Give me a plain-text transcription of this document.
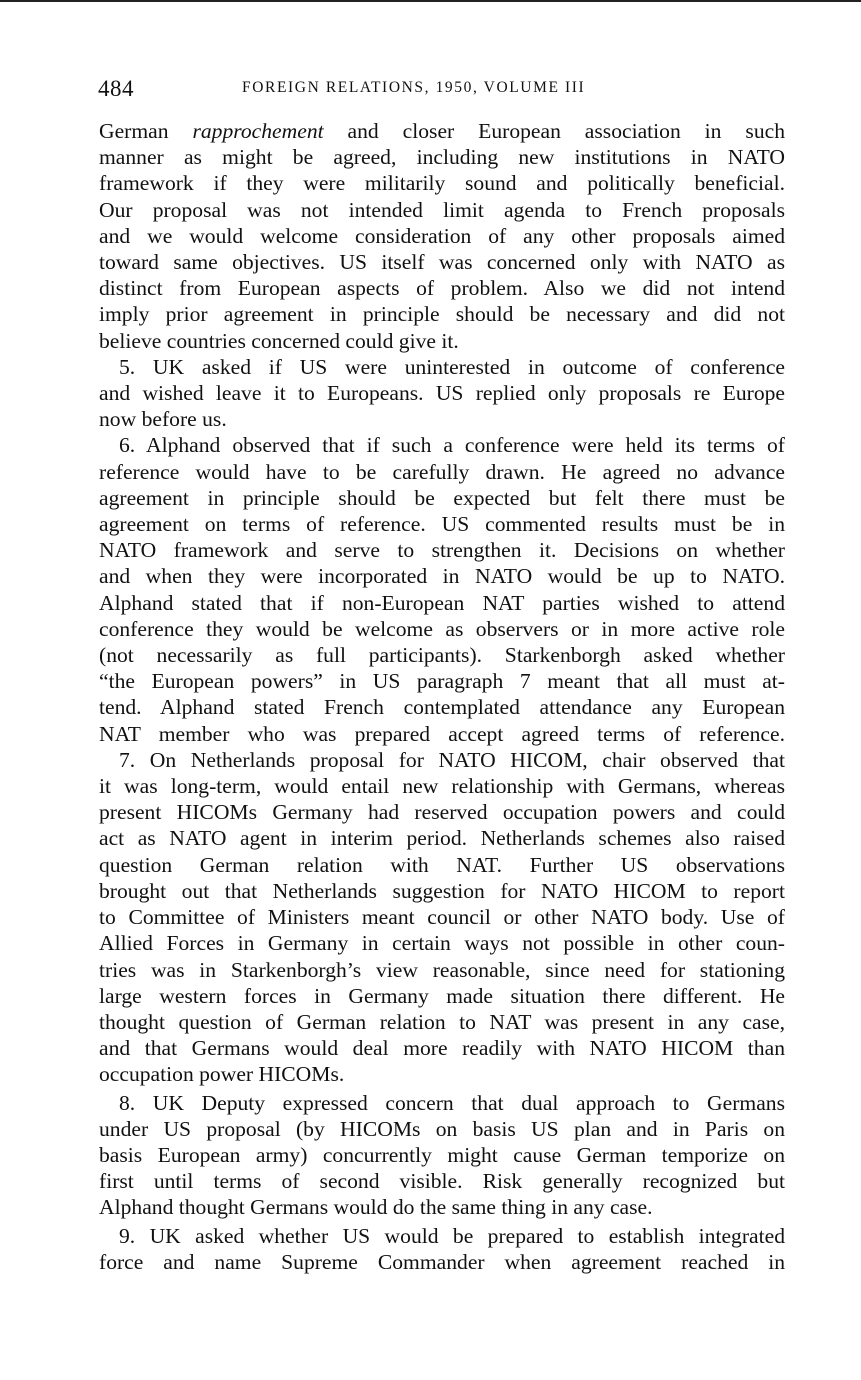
484	FOREIGN RELATIONS, 1950, VOLUME III
German rapprochement and closer European association in such
manner as might be agreed, including new institutions in NATO
framework if they were militarily sound and politically beneficial.
Our proposal was not intended limit agenda to French proposals
and we would welcome consideration of any other proposals aimed
toward same objectives. US itself was concerned only with NATO as
distinct from European aspects of problem. Also we did not intend
imply prior agreement in principle should be necessary and did not
believe countries concerned could give it.
5. UK asked if US were uninterested in outcome of conference
and wished leave it to Europeans. US replied only proposals re Europe
now before us.
6. Alphand observed that if such a conference were held its terms of
reference would have to be carefully drawn. He agreed no advance
agreement in principle should be expected but felt there must be
agreement on terms of reference. US commented results must be in
NATO framework and serve to strengthen it. Decisions on whether
and when they were incorporated in NATO would be up to NATO.
Alphand stated that if non-European NAT parties wished to attend
conference they would be welcome as observers or in more active role
(not necessarily as full participants). Starkenborgh asked whether
“the European powers” in US paragraph 7 meant that all must at-
tend. Alphand stated French contemplated attendance any European
NAT member who was prepared accept agreed terms of reference.
7. On Netherlands proposal for NATO HICOM, chair observed that
it was long-term, would entail new relationship with Germans, whereas
present HICOMs Germany had reserved occupation powers and could
act as NATO agent in interim period. Netherlands schemes also raised
question German relation with NAT. Further US observations
brought out that Netherlands suggestion for NATO HICOM to report
to Committee of Ministers meant council or other NATO body. Use of
Allied Forces in Germany in certain ways not possible in other coun-
tries was in Starkenborgh’s view reasonable, since need for stationing
large western forces in Germany made situation there different. He
thought question of German relation to NAT was present in any case,
and that Germans would deal more readily with NATO HICOM than
occupation power HICOMs.
8. UK Deputy expressed concern that dual approach to Germans
under US proposal (by HICOMs on basis US plan and in Paris on
basis European army) concurrently might cause German temporize on
first until terms of second visible. Risk generally recognized but
Alphand thought Germans would do the same thing in any case.
9. UK asked whether US would be prepared to establish integrated
force and name Supreme Commander when agreement reached in
